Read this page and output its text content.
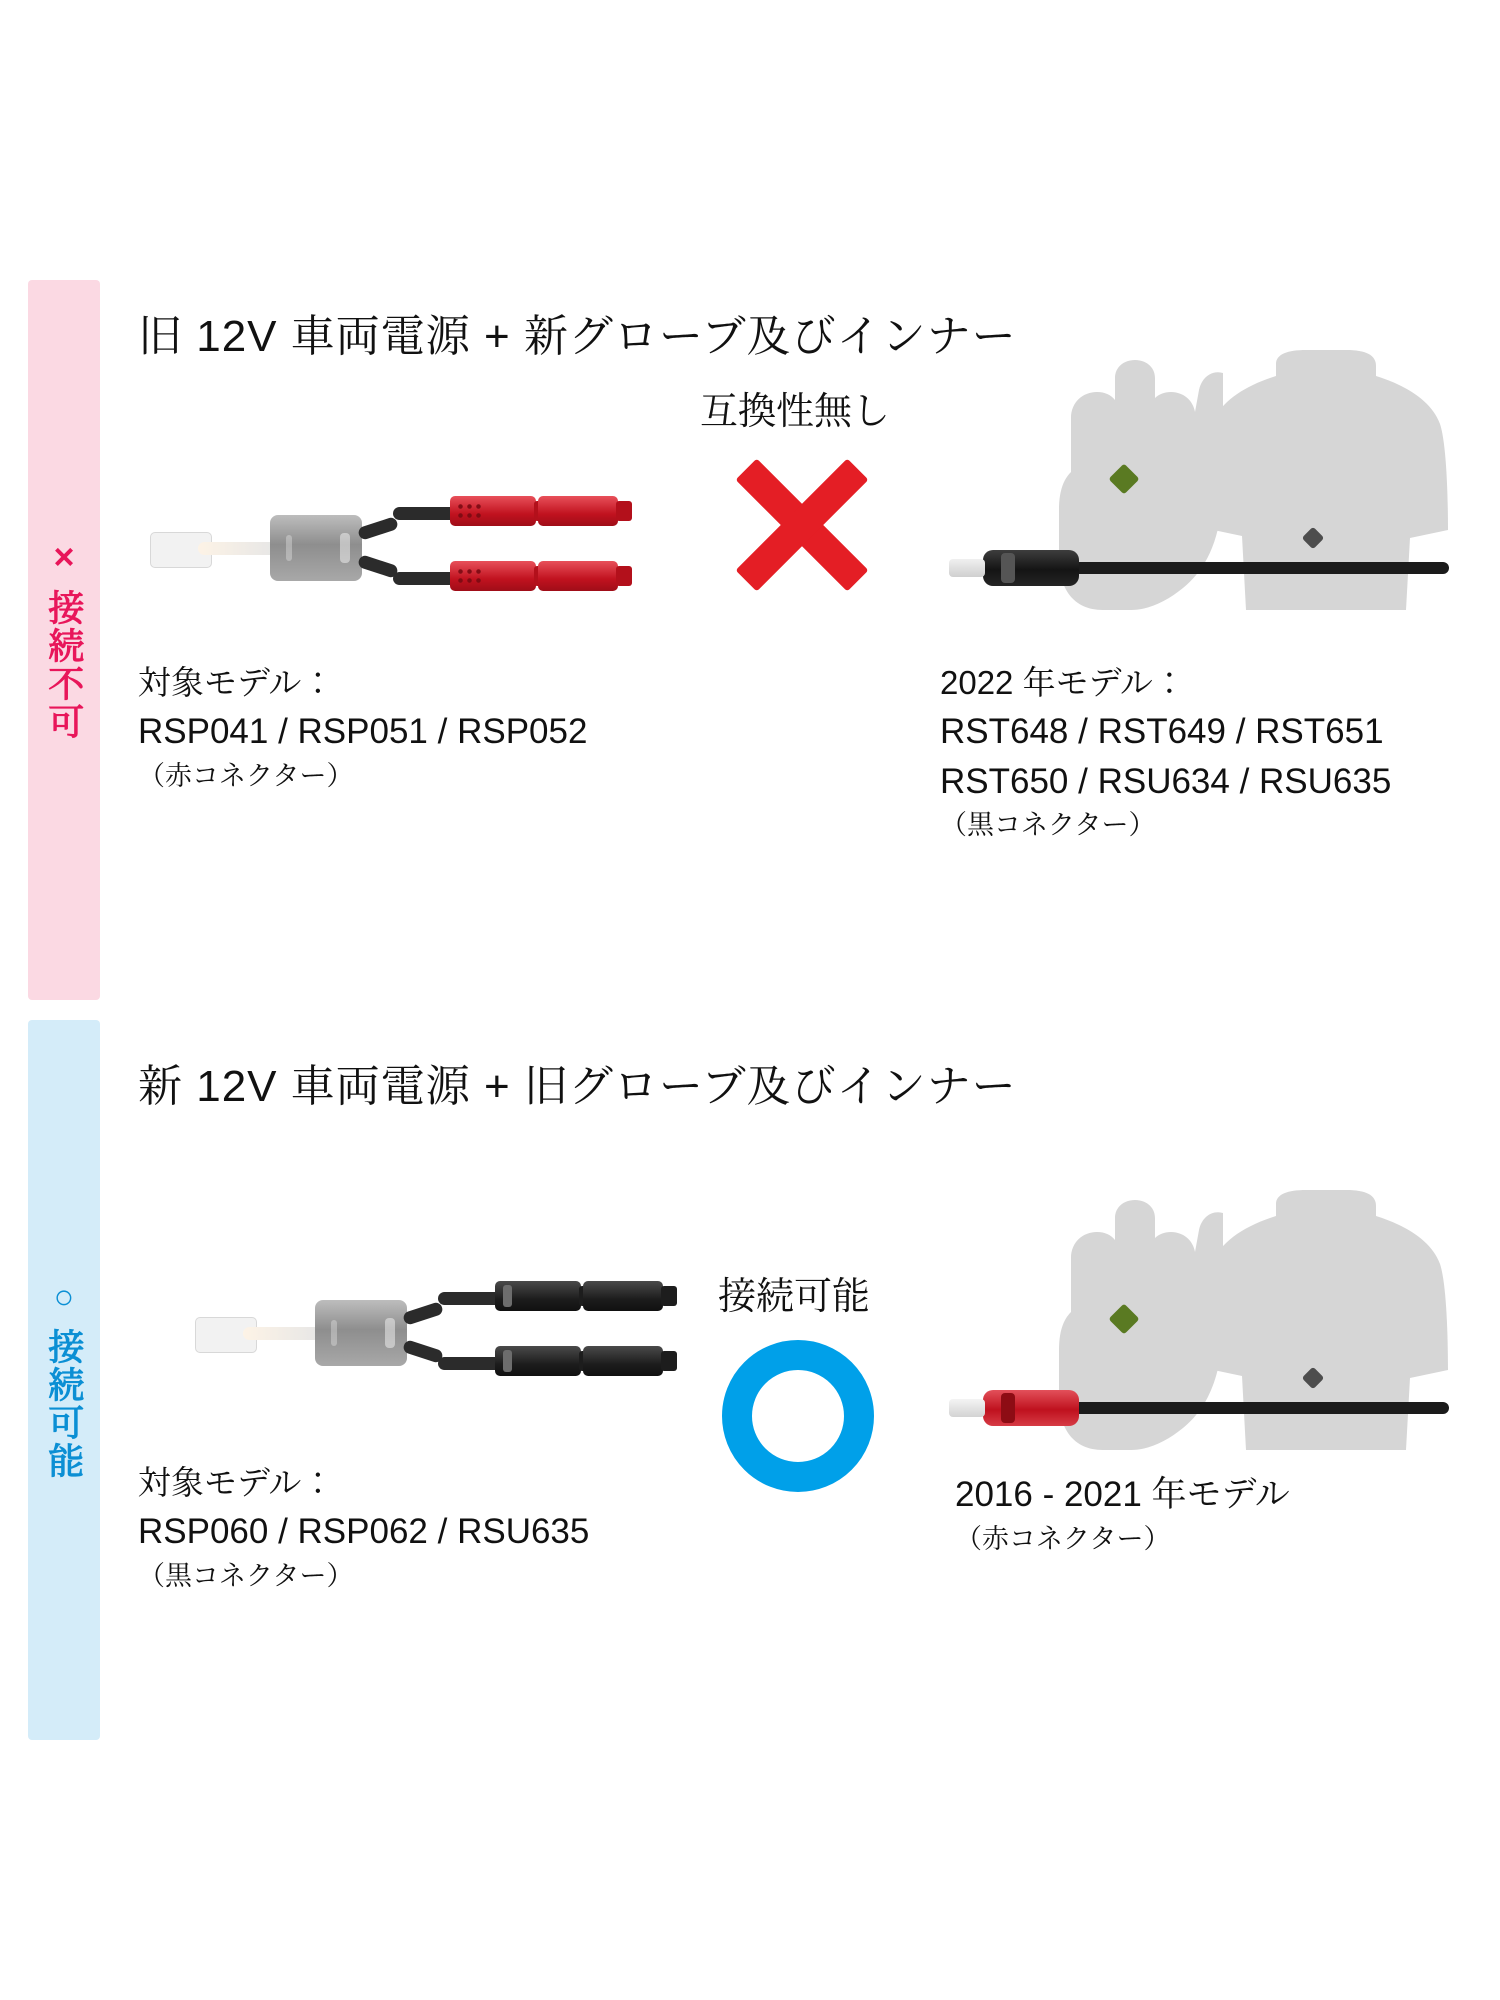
×
接続不可
旧 12V 車両電源 + 新グローブ及びインナー
互換性無し
対象モデル：
RSP041 / RSP051 / RSP052
（赤コネクター）
2022 年モデル：
RST648 / RST649 / RST651
RST650 / RSU634 / RSU635
（黒コネクター）
○
接続可能
新 12V 車両電源 + 旧グローブ及びインナー
接続可能
対象モデル：
RSP060 / RSP062 / RSU635
（黒コネクター）
2016 - 2021 年モデル
（赤コネクター）
